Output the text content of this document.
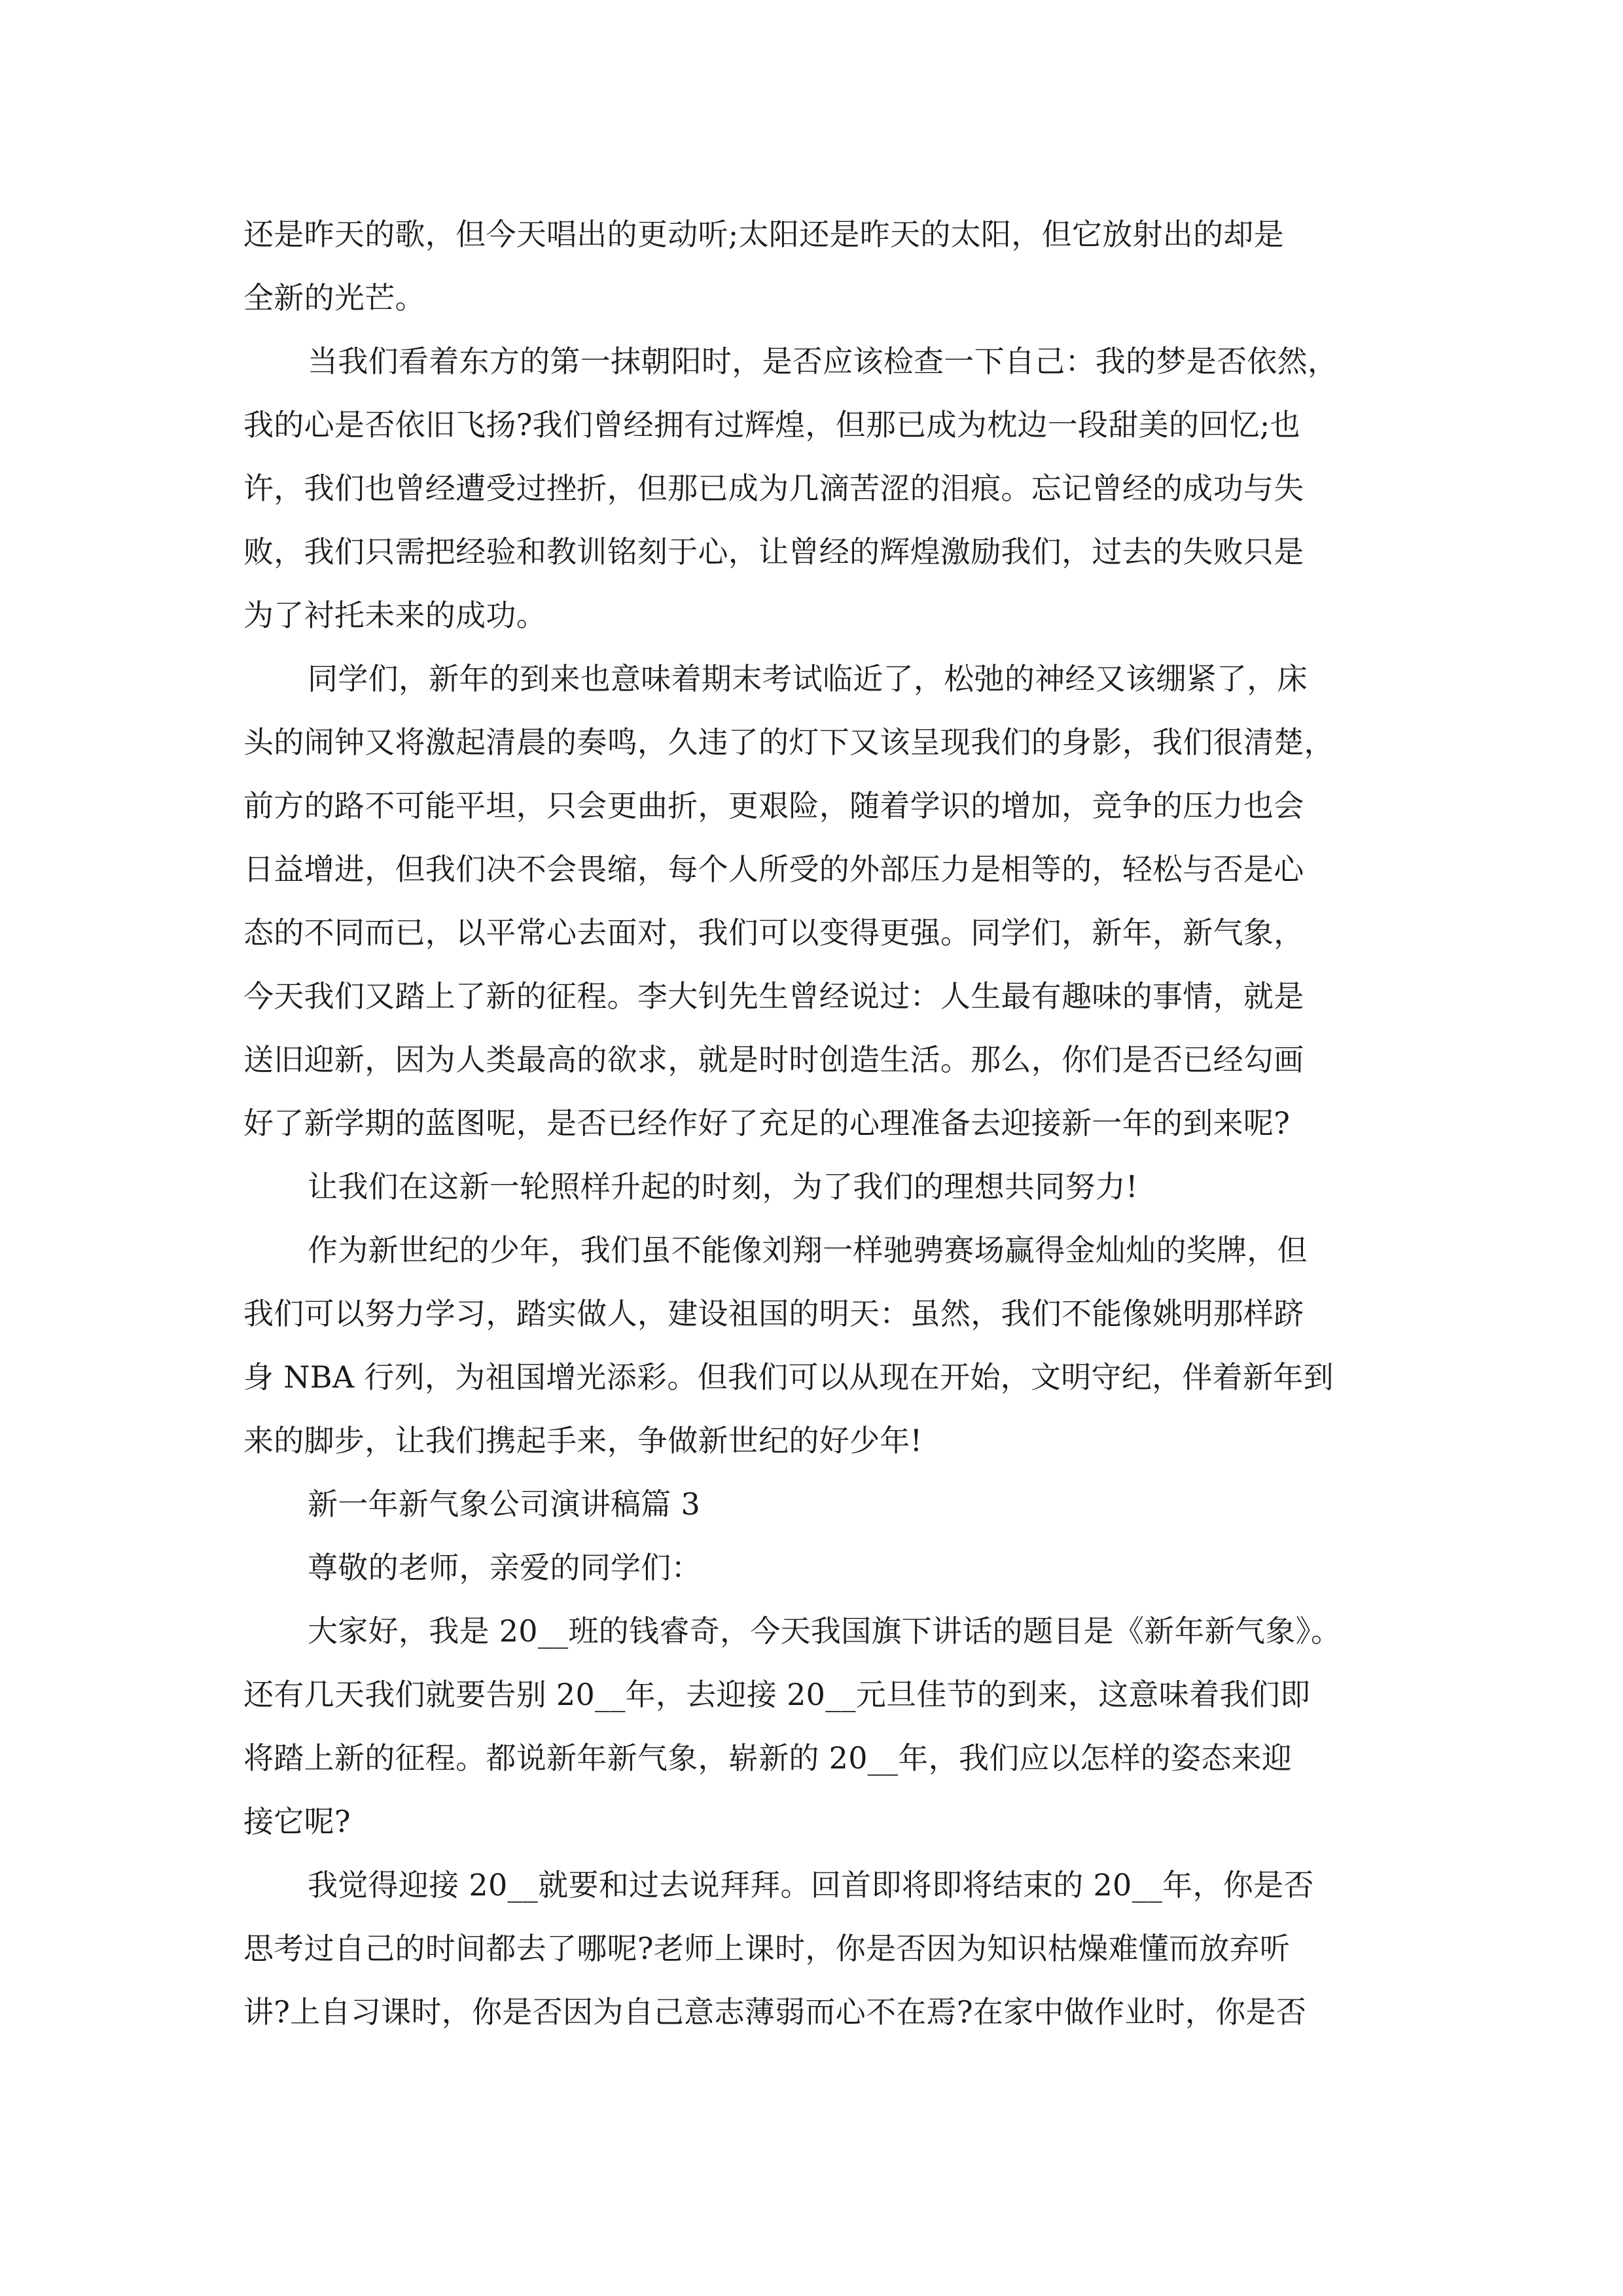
还是昨天的歌，但今天唱出的更动听;太阳还是昨天的太阳，但它放射出的却是
全新的光芒。
当我们看着东方的第一抹朝阳时，是否应该检查一下自己：我的梦是否依然，
我的心是否依旧飞扬?我们曾经拥有过辉煌，但那已成为枕边一段甜美的回忆;也
许，我们也曾经遭受过挫折，但那已成为几滴苦涩的泪痕。忘记曾经的成功与失
败，我们只需把经验和教训铭刻于心，让曾经的辉煌激励我们，过去的失败只是
为了衬托未来的成功。
同学们，新年的到来也意味着期末考试临近了，松弛的神经又该绷紧了，床
头的闹钟又将激起清晨的奏鸣，久违了的灯下又该呈现我们的身影，我们很清楚，
前方的路不可能平坦，只会更曲折，更艰险，随着学识的增加，竞争的压力也会
日益增进，但我们决不会畏缩，每个人所受的外部压力是相等的，轻松与否是心
态的不同而已，以平常心去面对，我们可以变得更强。同学们，新年，新气象，
今天我们又踏上了新的征程。李大钊先生曾经说过：人生最有趣味的事情，就是
送旧迎新，因为人类最高的欲求，就是时时创造生活。那么，你们是否已经勾画
好了新学期的蓝图呢，是否已经作好了充足的心理准备去迎接新一年的到来呢?
让我们在这新一轮照样升起的时刻，为了我们的理想共同努力!
作为新世纪的少年，我们虽不能像刘翔一样驰骋赛场赢得金灿灿的奖牌，但
我们可以努力学习，踏实做人，建设祖国的明天：虽然，我们不能像姚明那样跻
身 NBA 行列，为祖国增光添彩。但我们可以从现在开始，文明守纪，伴着新年到
来的脚步，让我们携起手来，争做新世纪的好少年!
新一年新气象公司演讲稿篇 3
尊敬的老师，亲爱的同学们：
大家好，我是 20__班的钱睿奇，今天我国旗下讲话的题目是《新年新气象》。
还有几天我们就要告别 20__年，去迎接 20__元旦佳节的到来，这意味着我们即
将踏上新的征程。都说新年新气象，崭新的 20__年，我们应以怎样的姿态来迎
接它呢?
我觉得迎接 20__就要和过去说拜拜。回首即将即将结束的 20__年，你是否
思考过自己的时间都去了哪呢?老师上课时，你是否因为知识枯燥难懂而放弃听
讲?上自习课时，你是否因为自己意志薄弱而心不在焉?在家中做作业时，你是否
